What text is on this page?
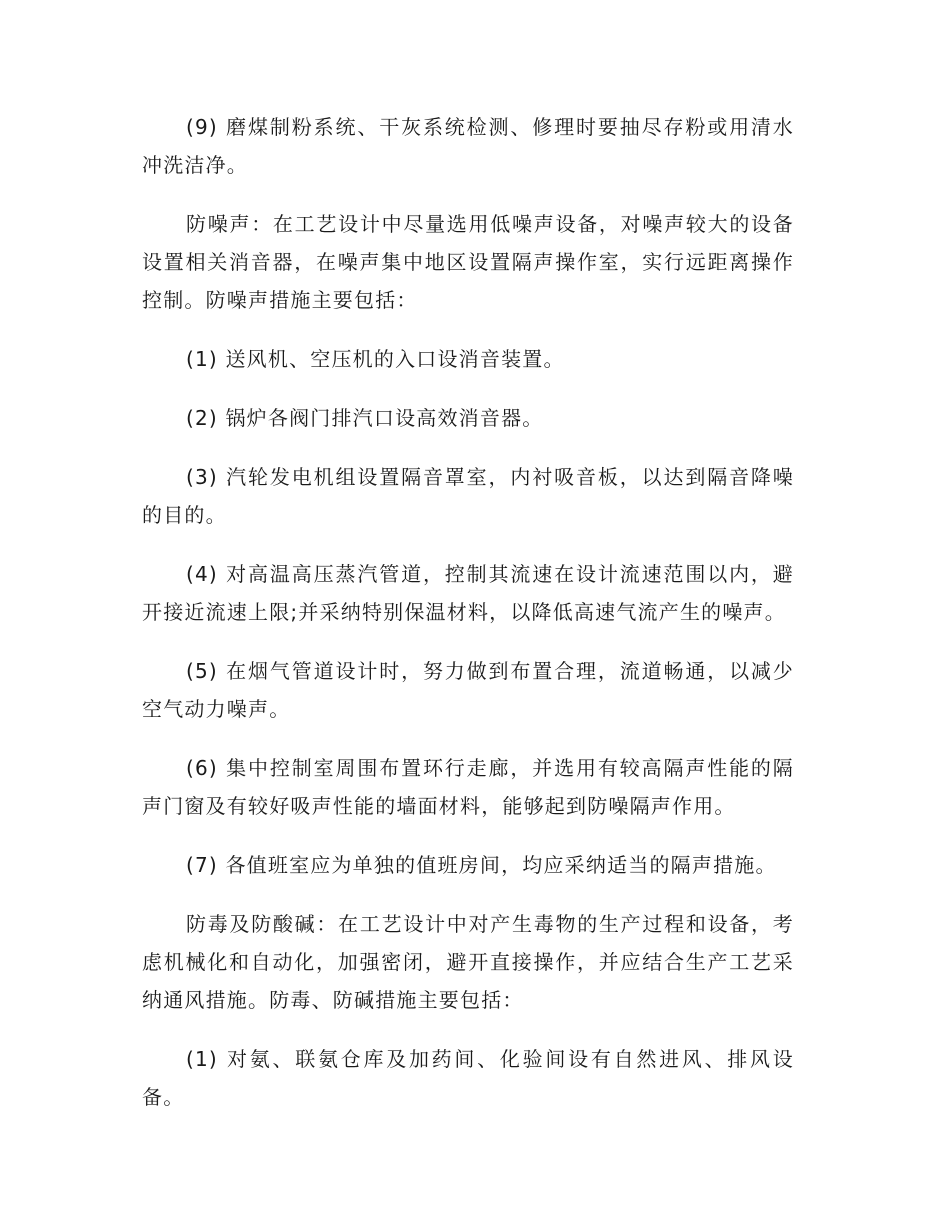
(9) 磨煤制粉系统、干灰系统检测、修理时要抽尽存粉或用清水冲洗洁净。

防噪声：在工艺设计中尽量选用低噪声设备，对噪声较大的设备设置相关消音器，在噪声集中地区设置隔声操作室，实行远距离操作控制。防噪声措施主要包括：

(1) 送风机、空压机的入口设消音装置。

(2) 锅炉各阀门排汽口设高效消音器。

(3) 汽轮发电机组设置隔音罩室，内衬吸音板，以达到隔音降噪的目的。

(4) 对高温高压蒸汽管道，控制其流速在设计流速范围以内，避开接近流速上限;并采纳特别保温材料，以降低高速气流产生的噪声。

(5) 在烟气管道设计时，努力做到布置合理，流道畅通，以减少空气动力噪声。

(6) 集中控制室周围布置环行走廊，并选用有较高隔声性能的隔声门窗及有较好吸声性能的墙面材料，能够起到防噪隔声作用。

(7) 各值班室应为单独的值班房间，均应采纳适当的隔声措施。

防毒及防酸碱：在工艺设计中对产生毒物的生产过程和设备，考虑机械化和自动化，加强密闭，避开直接操作，并应结合生产工艺采纳通风措施。防毒、防碱措施主要包括：

(1) 对氨、联氨仓库及加药间、化验间设有自然进风、排风设备。
